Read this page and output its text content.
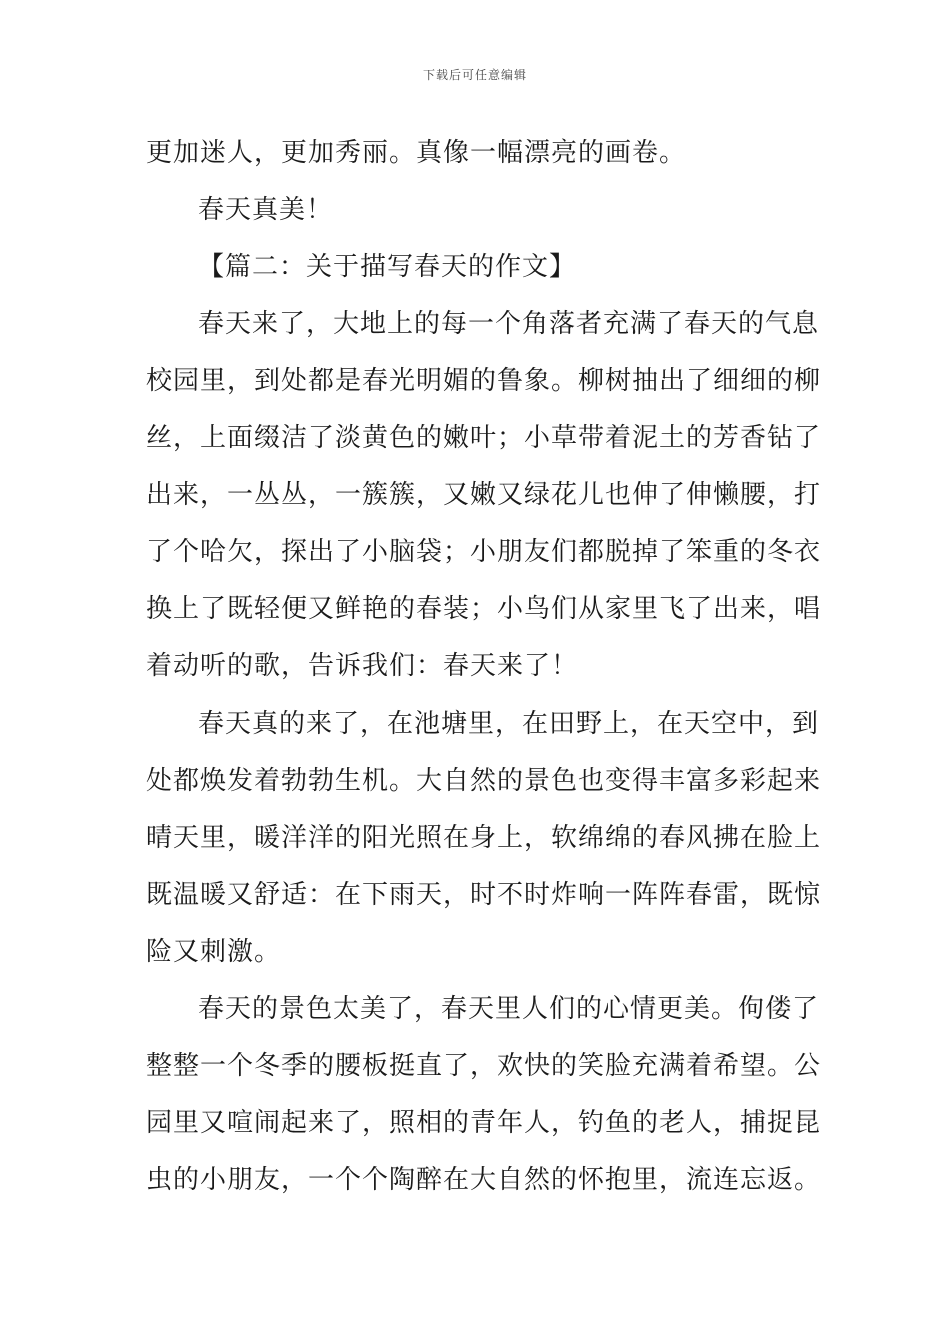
下载后可任意编辑
更加迷人，更加秀丽。真像一幅漂亮的画卷。
春天真美！
【篇二：关于描写春天的作文】
春天来了，大地上的每一个角落者充满了春天的气息
校园里，到处都是春光明媚的鲁象。柳树抽出了细细的柳
丝，上面缀洁了淡黄色的嫩叶；小草带着泥土的芳香钻了
出来，一丛丛，一簇簇，又嫩又绿花儿也伸了伸懒腰，打
了个哈欠，探出了小脑袋；小朋友们都脱掉了笨重的冬衣
换上了既轻便又鲜艳的春装；小鸟们从家里飞了出来，唱
着动听的歌，告诉我们：春天来了！
春天真的来了，在池塘里，在田野上，在天空中，到
处都焕发着勃勃生机。大自然的景色也变得丰富多彩起来
晴天里，暖洋洋的阳光照在身上，软绵绵的春风拂在脸上
既温暖又舒适：在下雨天，时不时炸响一阵阵春雷，既惊
险又刺激。
春天的景色太美了，春天里人们的心情更美。佝偻了
整整一个冬季的腰板挺直了，欢快的笑脸充满着希望。公
园里又喧闹起来了，照相的青年人，钓鱼的老人，捕捉昆
虫的小朋友，一个个陶醉在大自然的怀抱里，流连忘返。
